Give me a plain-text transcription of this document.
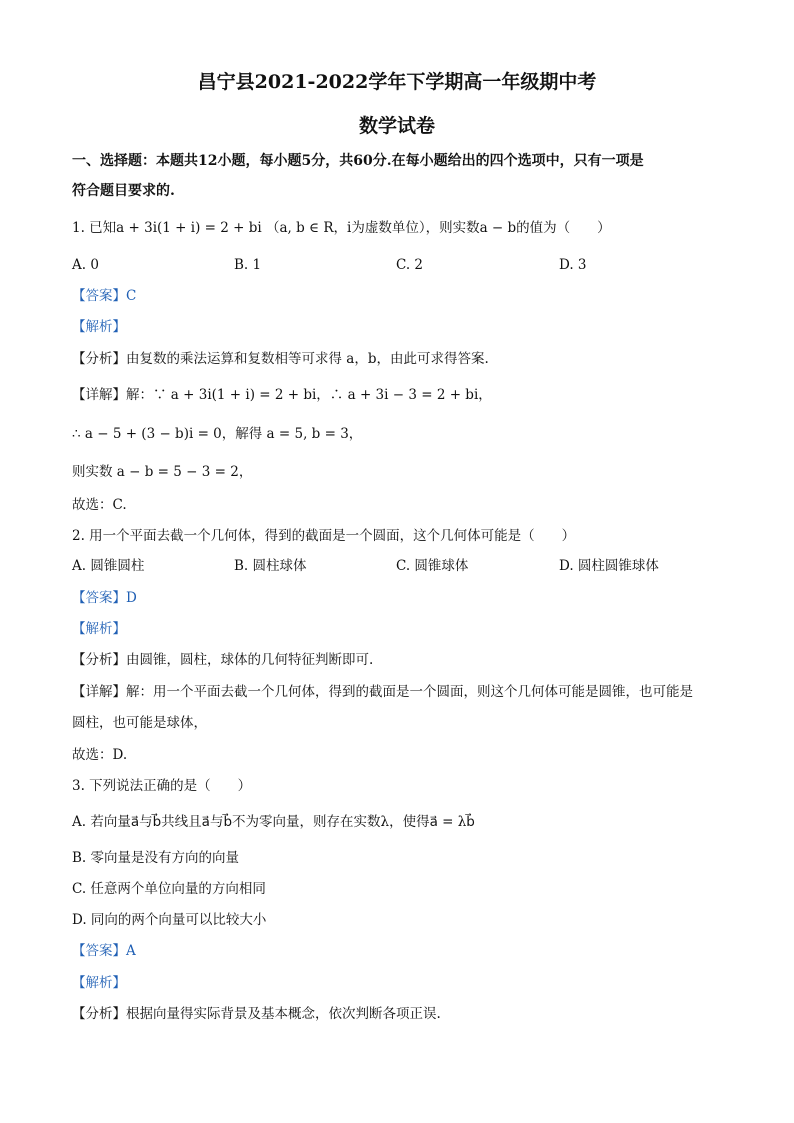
昌宁县2021-2022学年下学期高一年级期中考
数学试卷
一、选择题：本题共12小题，每小题5分，共60分.在每小题给出的四个选项中，只有一项是
符合题目要求的.
1. 已知a + 3i(1 + i) = 2 + bi （a, b ∈ R，i为虚数单位），则实数a − b的值为（　　）
A. 0	B. 1	C. 2	D. 3
【答案】C
【解析】
【分析】由复数的乘法运算和复数相等可求得 a，b，由此可求得答案.
【详解】解：∵ a + 3i(1 + i) = 2 + bi，∴ a + 3i − 3 = 2 + bi，
∴ a − 5 + (3 − b)i = 0，解得 a = 5, b = 3，
则实数 a − b = 5 − 3 = 2，
故选：C.
2. 用一个平面去截一个几何体，得到的截面是一个圆面，这个几何体可能是（　　）
A. 圆锥圆柱	B. 圆柱球体	C. 圆锥球体	D. 圆柱圆锥球体
【答案】D
【解析】
【分析】由圆锥，圆柱，球体的几何特征判断即可.
【详解】解：用一个平面去截一个几何体，得到的截面是一个圆面，则这个几何体可能是圆锥，也可能是
圆柱，也可能是球体，
故选：D.
3. 下列说法正确的是（　　）
A. 若向量a⃗与b⃗共线且a⃗与b⃗不为零向量，则存在实数λ，使得a⃗ = λb⃗
B. 零向量是没有方向的向量
C. 任意两个单位向量的方向相同
D. 同向的两个向量可以比较大小
【答案】A
【解析】
【分析】根据向量得实际背景及基本概念，依次判断各项正误.
